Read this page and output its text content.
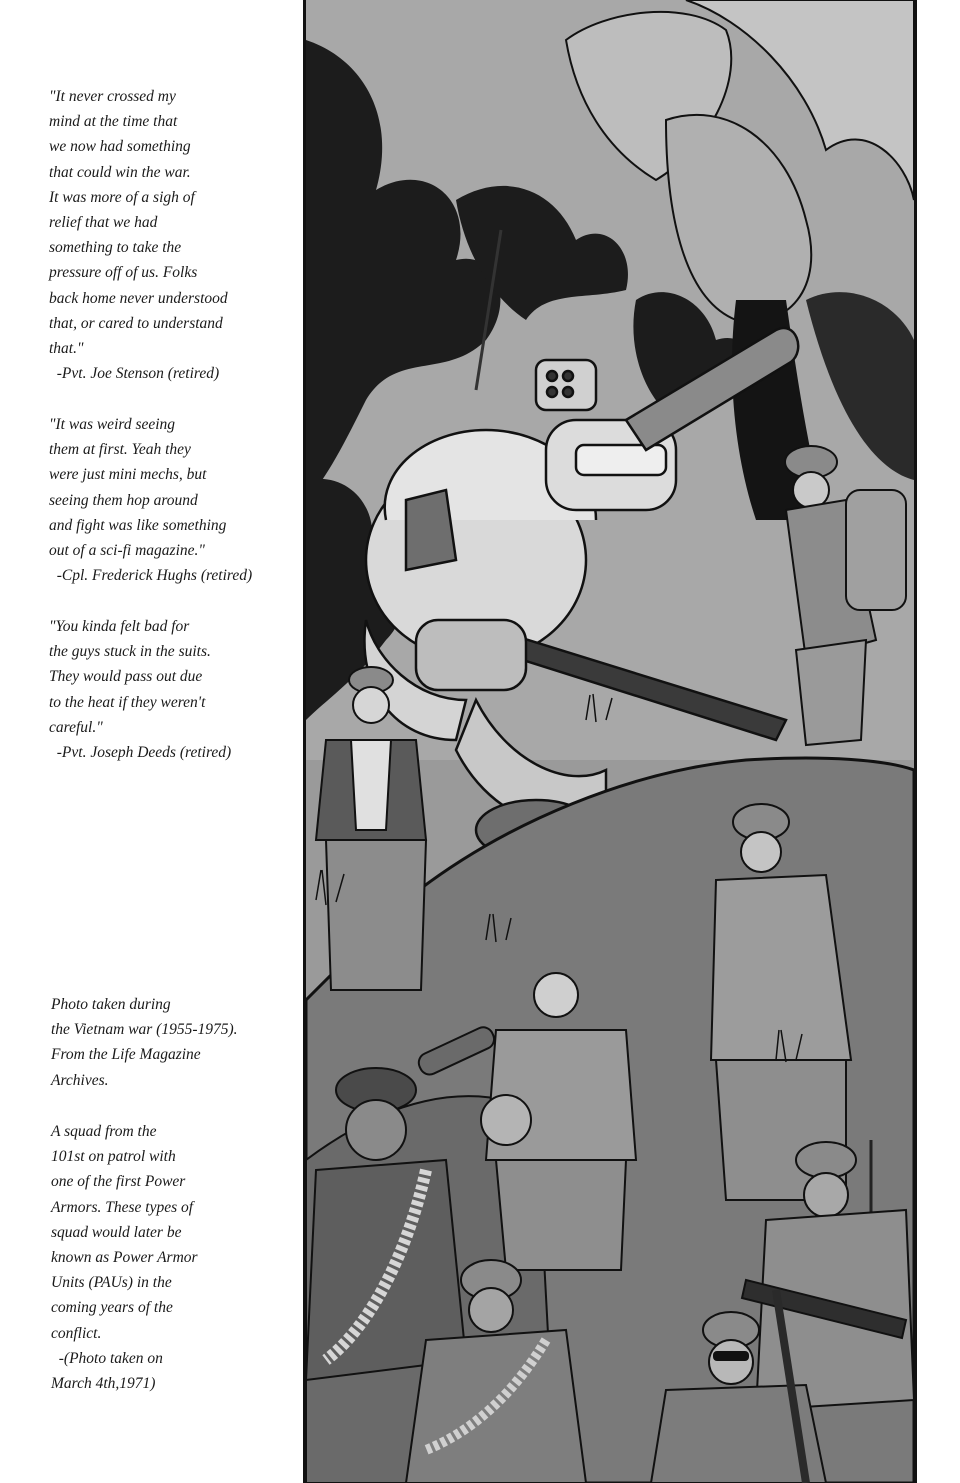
"It never crossed my
mind at the time that
we now had something
that could win the war.
It was more of a sigh of
relief that we had
something to take the
pressure off of us. Folks
back home never understood
that, or cared to understand
that."
-Pvt. Joe Stenson (retired)
"It was weird seeing
them at first. Yeah they
were just mini mechs, but
seeing them hop around
and fight was like something
out of a sci-fi magazine."
-Cpl. Frederick Hughs (retired)
"You kinda felt bad for
the guys stuck in the suits.
They would pass out due
to the heat if they weren't
careful."
-Pvt. Joseph Deeds (retired)
Photo taken during
the Vietnam war (1955-1975).
From the Life Magazine
Archives.
A squad from the
101st on patrol with
one of the first Power
Armors. These types of
squad would later be
known as Power Armor
Units (PAUs) in the
coming years of the
conflict.
-(Photo taken on
March 4th,1971)
